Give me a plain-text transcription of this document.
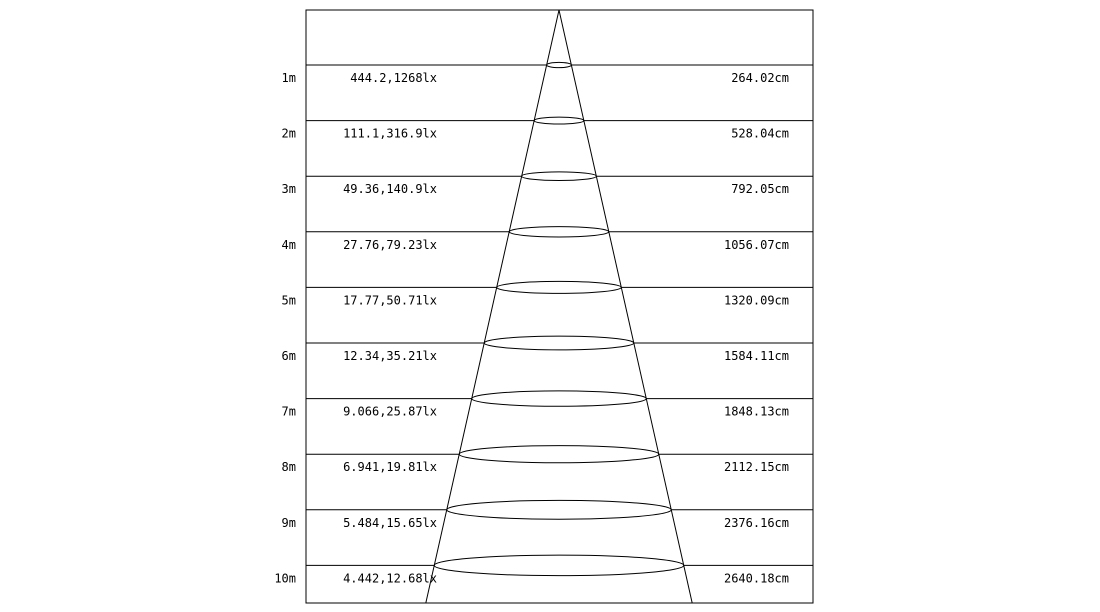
1m	444.2,1268lx	264.02cm
2m	111.1,316.9lx	528.04cm
3m	49.36,140.9lx	792.05cm
4m	27.76,79.23lx	1056.07cm
5m	17.77,50.71lx	1320.09cm
6m	12.34,35.21lx	1584.11cm
7m	9.066,25.87lx	1848.13cm
8m	6.941,19.81lx	2112.15cm
9m	5.484,15.65lx	2376.16cm
10m	4.442,12.68lx	2640.18cm
